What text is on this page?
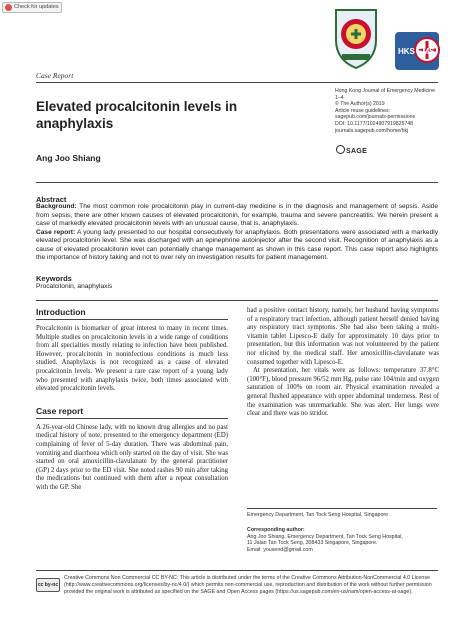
Check for updates
HKS EMS
Case Report
Elevated procalcitonin levels in anaphylaxis
Hong Kong Journal of Emergency Medicine
1–4
© The Author(s) 2019
Article reuse guidelines:
sagepub.com/journals-permissions
DOI: 10.1177/1024907919825748
journals.sagepub.com/home/hkj
SAGE
Ang Joo Shiang
Abstract
Background: The most common role procalcitonin play in current-day medicine is in the diagnosis and management of sepsis. Aside from sepsis, there are other known causes of elevated procalcitonin, for example, trauma and severe pancreatitis. We herein present a case of markedly elevated procalcitonin levels with an unusual cause, that is, anaphylaxis.
Case report: A young lady presented to our hospital consecutively for anaphylaxis. Both presentations were associated with a markedly elevated procalcitonin level. She was discharged with an epinephrine autoinjector after the second visit. Recognition of anaphylaxis as a cause of elevated procalcitonin level can potentially change management as shown in this case report. This case report also highlights the importance of history taking and not to over rely on investigation results for patient management.
Keywords
Procalcitonin, anaphylaxis
Introduction

Procalcitonin is biomarker of great interest to many in recent times. Multiple studies on procalcitonin levels in a wide range of conditions from all specialties mostly relating to infection have been published. However, procalcitonin in noninfectious conditions is much less studied. Anaphylaxis is not recognized as a cause of elevated procalcitonin levels. We present a rare case report of a young lady who presented with anaphylaxis twice, both times associated with elevated procalcitonin levels.

Case report

A 26-year-old Chinese lady, with no known drug allergies and no past medical history of note, presented to the emergency department (ED) complaining of fever of 5-day duration. There was abdominal pain, vomiting and diarrhoea which only started on the day of visit. She was started on oral amoxicillin-clavulanate by the general practitioner (GP) 2 days prior to the ED visit. She noted rashes 90 min after taking the medications but continued with them after a repeat consultation with the GP. She

had a positive contact history, namely, her husband having symptoms of a respiratory tract infection, although patient herself denied having any respiratory tract symptoms. She had also been taking a multi-vitamin tablet Lipesco-E daily for approximately 10 days prior to presentation, but this information was not volunteered by the patient nor elicited by the medical staff. Her amoxicillin-clavulanate was consumed together with Lipesco-E.

At presentation, her vitals were as follows: temperature 37.8°C (100°F), blood pressure 96/52 mm Hg, pulse rate 104/min and oxygen saturation of 100% on room air. Physical examination revealed a general flushed appearance with upper abdominal tenderness. Rest of the examination was unremarkable. She was alert. Her lungs were clear and there was no stridor.

Emergency Department, Tan Tock Seng Hospital, Singapore
Corresponding author:
Ang Joo Shiang, Emergency Department, Tan Tock Seng Hospital,
11 Jalan Tan Tock Seng, 308433 Singapore, Singapore.
Email: yousend@gmail.com
cc by-nc
Creative Commons Non Commercial CC BY-NC: This article is distributed under the terms of the Creative Commons Attribution-NonCommercial 4.0 License (http://www.creativecommons.org/licenses/by-nc/4.0/) which permits non-commercial use, reproduction and distribution of the work without further permission provided the original work is attributed as specified on the SAGE and Open Access pages (https://us.sagepub.com/en-us/nam/open-access-at-sage).
